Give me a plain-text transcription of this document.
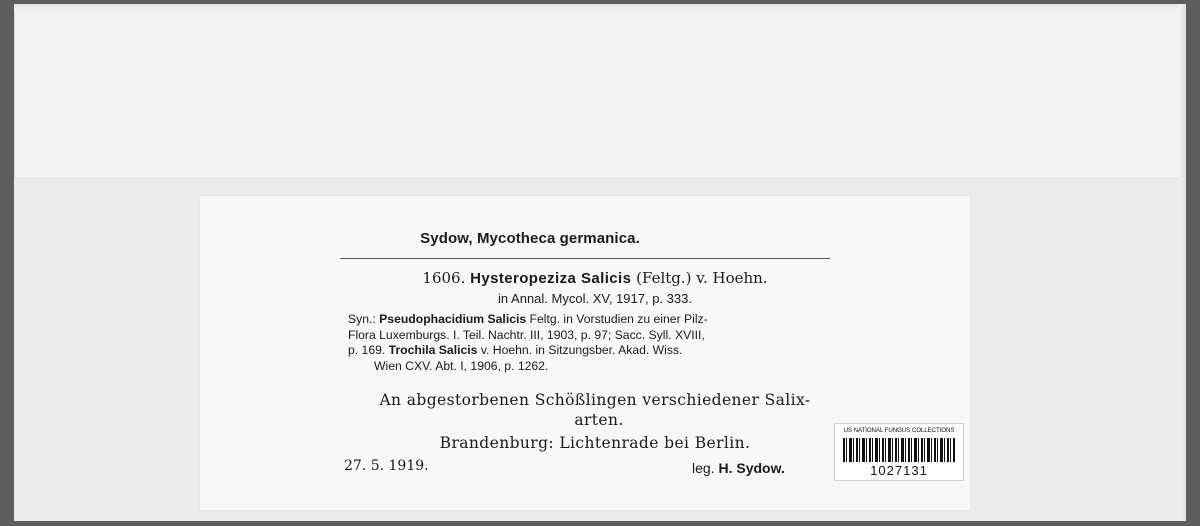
Sydow, Mycotheca germanica.
1606. Hysteropeziza Salicis (Feltg.) v. Hoehn.
in Annal. Mycol. XV, 1917, p. 333.

Syn.: Pseudophacidium Salicis Feltg. in Vorstudien zu einer Pilz-

Flora Luxemburgs. I. Teil. Nachtr. III, 1903, p. 97; Sacc. Syll. XVIII,

p. 169. Trochila Salicis v. Hoehn. in Sitzungsber. Akad. Wiss.

Wien CXV. Abt. I, 1906, p. 1262.

An abgestorbenen Schößlingen verschiedener Salix-

arten.

Brandenburg: Lichtenrade bei Berlin.
27. 5. 1919.	leg. H. Sydow.
US NATIONAL FUNGUS COLLECTIONS
1027131
